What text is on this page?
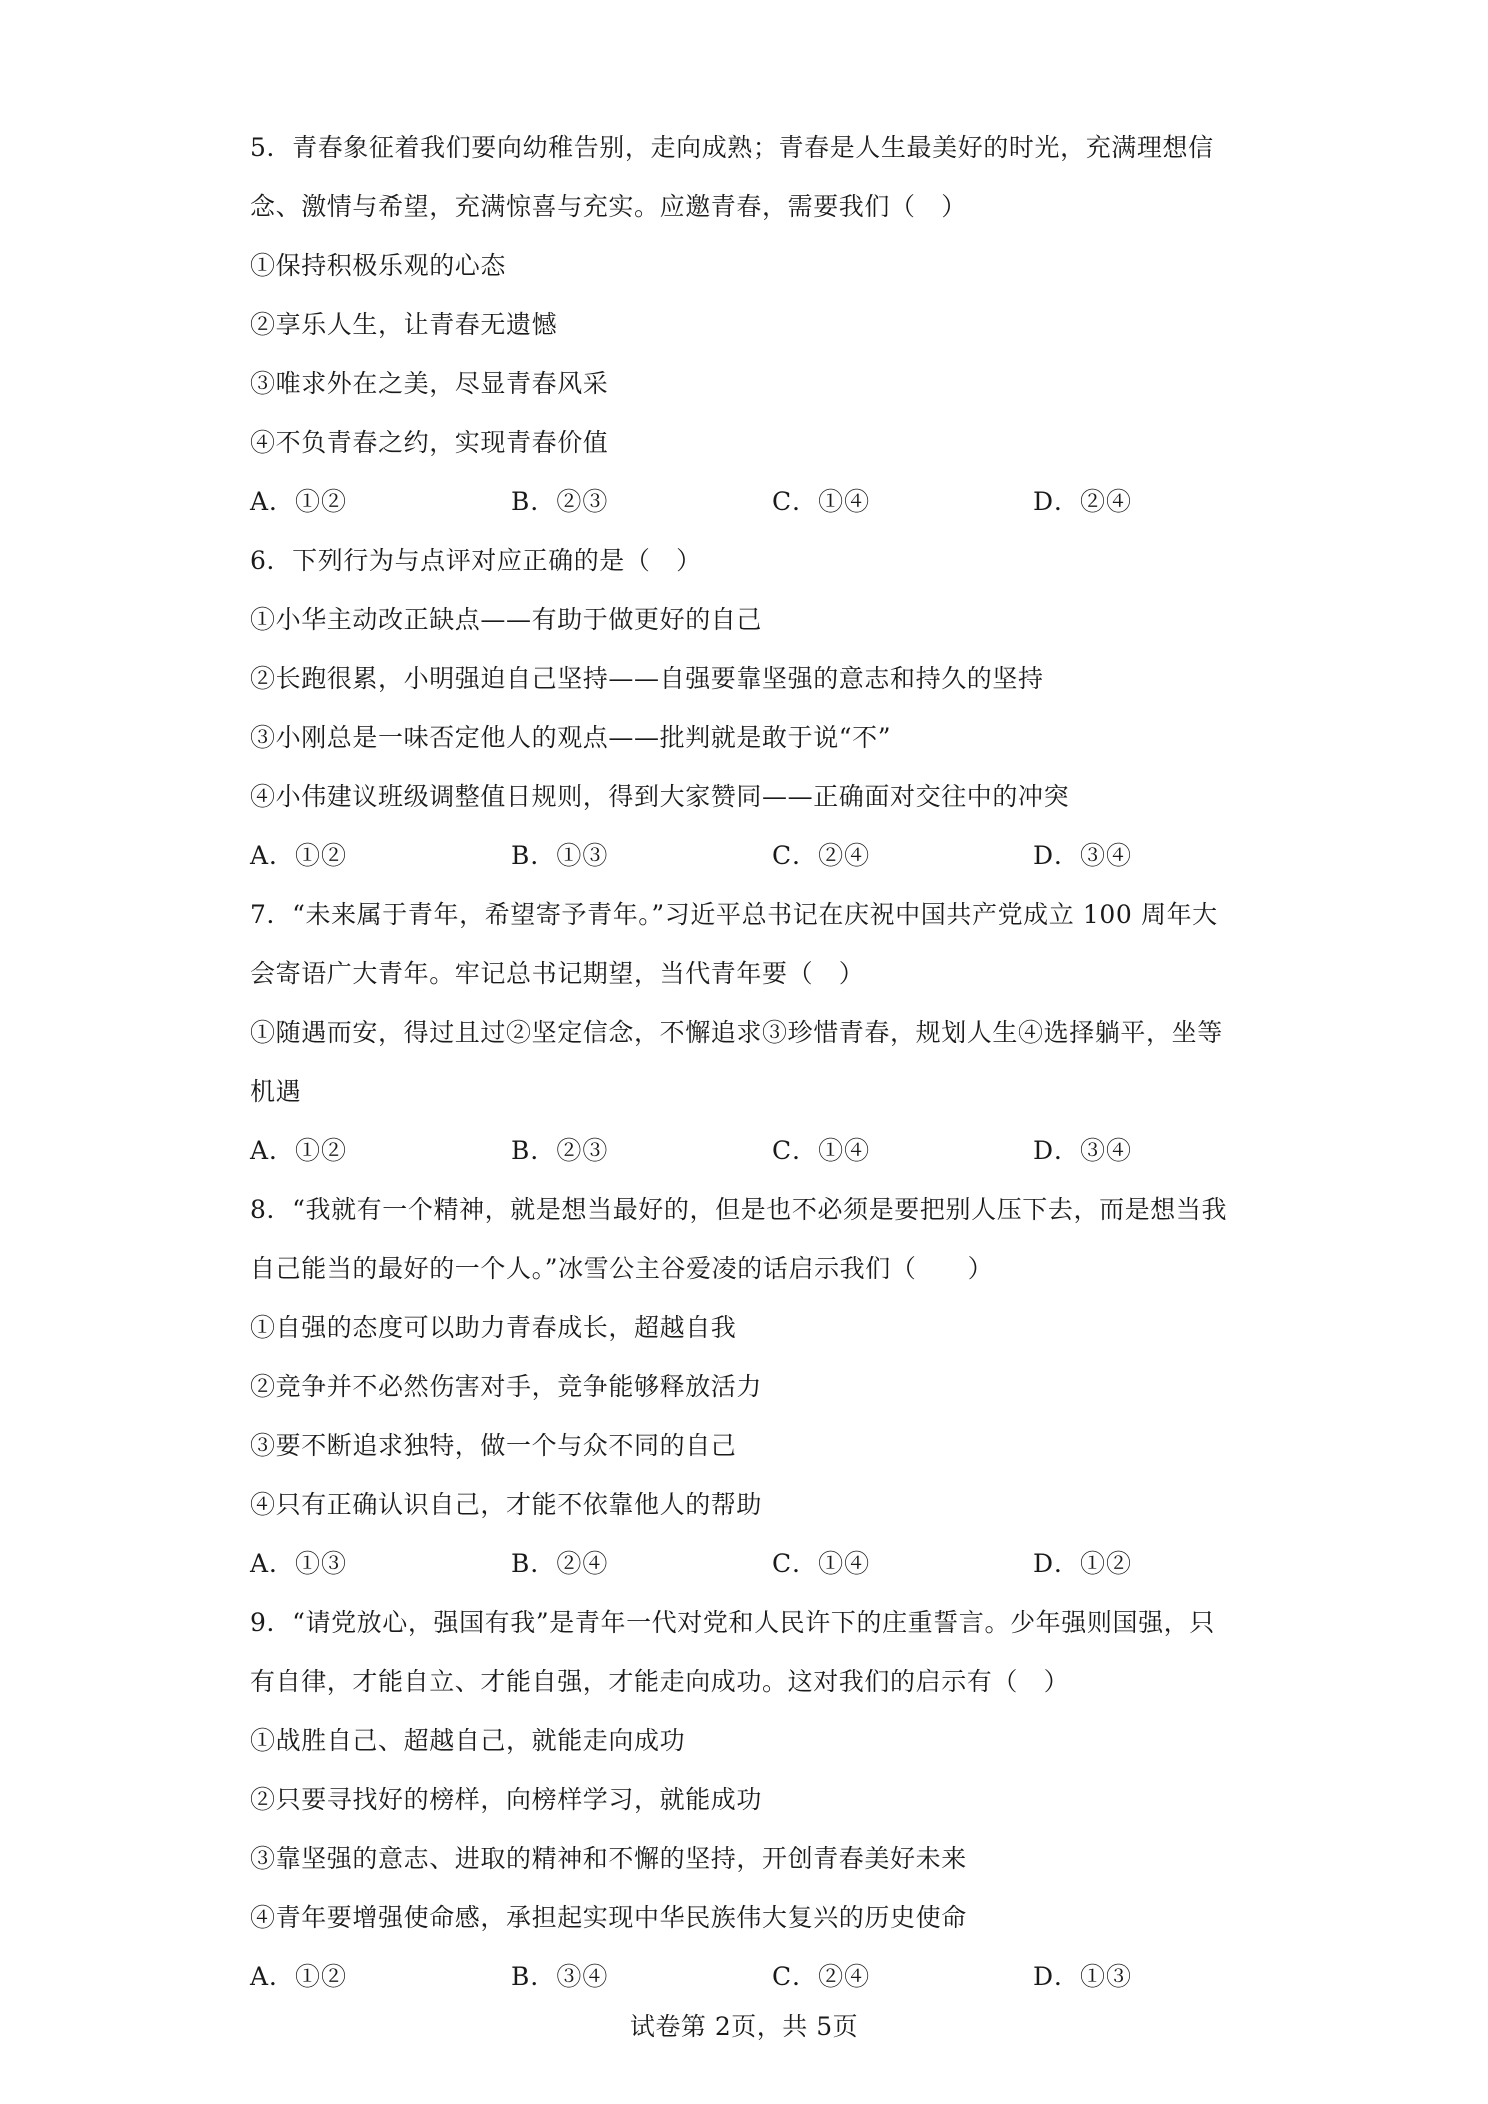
5．青春象征着我们要向幼稚告别，走向成熟；青春是人生最美好的时光，充满理想信
念、激情与希望，充满惊喜与充实。应邀青春，需要我们（　）
①保持积极乐观的心态
②享乐人生，让青春无遗憾
③唯求外在之美，尽显青春风采
④不负青春之约，实现青春价值
A．①②	B．②③	C．①④	D．②④
6．下列行为与点评对应正确的是（　）
①小华主动改正缺点——有助于做更好的自己
②长跑很累，小明强迫自己坚持——自强要靠坚强的意志和持久的坚持
③小刚总是一味否定他人的观点——批判就是敢于说“不”
④小伟建议班级调整值日规则，得到大家赞同——正确面对交往中的冲突
A．①②	B．①③	C．②④	D．③④
7．“未来属于青年，希望寄予青年。”习近平总书记在庆祝中国共产党成立 100 周年大
会寄语广大青年。牢记总书记期望，当代青年要（　）
①随遇而安，得过且过②坚定信念，不懈追求③珍惜青春，规划人生④选择躺平，坐等
机遇
A．①②	B．②③	C．①④	D．③④
8．“我就有一个精神，就是想当最好的，但是也不必须是要把别人压下去，而是想当我
自己能当的最好的一个人。”冰雪公主谷爱凌的话启示我们（　　）
①自强的态度可以助力青春成长，超越自我
②竞争并不必然伤害对手，竞争能够释放活力
③要不断追求独特，做一个与众不同的自己
④只有正确认识自己，才能不依靠他人的帮助
A．①③	B．②④	C．①④	D．①②
9．“请党放心，强国有我”是青年一代对党和人民许下的庄重誓言。少年强则国强，只
有自律，才能自立、才能自强，才能走向成功。这对我们的启示有（　）
①战胜自己、超越自己，就能走向成功
②只要寻找好的榜样，向榜样学习，就能成功
③靠坚强的意志、进取的精神和不懈的坚持，开创青春美好未来
④青年要增强使命感，承担起实现中华民族伟大复兴的历史使命
A．①②	B．③④	C．②④	D．①③
试卷第 2页，共 5页
